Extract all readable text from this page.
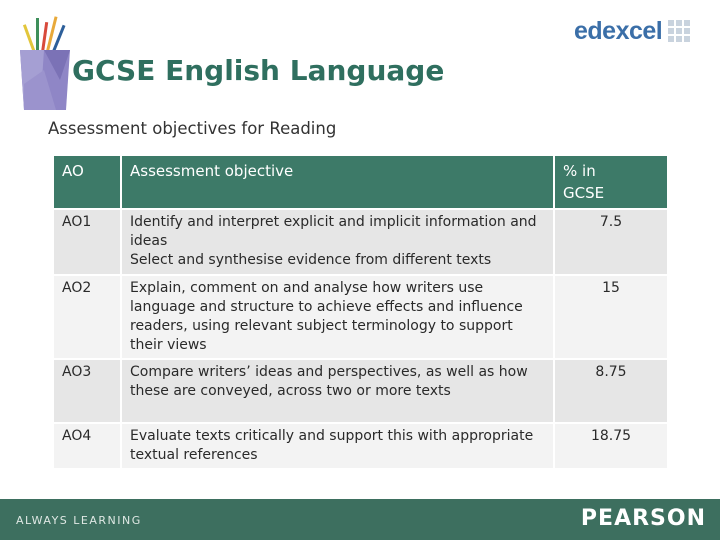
edexcel
GCSE English Language
Assessment objectives for Reading
AO	Assessment objective	% in
GCSE

AO1	Identify and interpret explicit and implicit information and ideas
Select and synthesise evidence from different texts	7.5
AO2	Explain, comment on and analyse how writers use language and structure to achieve effects and influence readers, using relevant subject terminology to support their views	15
AO3	Compare writers’ ideas and perspectives, as well as how these are conveyed, across two or more texts	8.75
AO4	Evaluate texts critically and support this with appropriate textual references	18.75
ALWAYS LEARNING	PEARSON
